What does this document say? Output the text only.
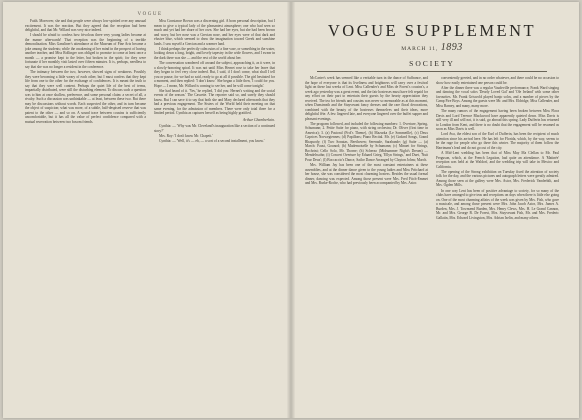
VOGUE

Faith. Moreover, she and that people were always low-spirited over any unusual excitement. It was the reaction. But they agreed that the reception had been delightful, and that Mr. Willard was very nice indeed.

I should be afraid to confess how frivolous three very young ladies became at the manse afterwards! That reception was the beginning of a terrible demoralization. Miss Gansliner's attendance at the Museum of Fine Arts became a joke among the students; while the awakening of her mind in the prospect of having another teacher, and Miss Rollinger was obliged to promise to come at least once a month — a promise kept to the letter, but broken in the spirit; for they were fortunate if her monthly visit lasted over fifteen minutes. It is, perhaps, needless to say that she was no longer a resident in the conference.

The intimacy between the two, however, showed signs of weakness. Possibly they were becoming a little weary of each other, but I must confess that they kept life from one to the other for the exchange of confidences. It is meant the truth to say that they were well content. Perhaps the quiet life of the best of terms, impartially distributed, were still the disturbing element. To discuss such a question was to him at once shallow, preference, and some personal claim: a secret of all, a rivalry. Such a discussion was unthinkable — at least, between these two. But there may be discussions without words. Each suspected the other, and in turn became the object of suspicion; what was more, of a subtle, half-despised reserve that was patent to the other — and so on. A sound trace between cousins is sufficiently uncomfortable, but it has all the value of perfect confidence compared with a mutual reservation between two bosom friends.

Miss Constance Brown was a discerning girl. A born personal description, but I mean to give a typical lady of the pleasantest atmosphere; one who had seen so much and yet had her share of her own. She had her eyes, but she had been brown and wavy, but her nose was a Grecian nose, and her eyes were of that dark and elusive blue, which seemed to draw the imagination toward Greek and sunshine lands. I saw myself a Grecian and a warmer land.

I think perhaps the perfectly calm ruins of a fine vase, or something in the water, looking down a long, bright, and lovely tapestry in the wide flowers, and I swear in the dark there was she — and the rest of the world about her.

The conversation wandered off around the subject, approaching it, as it were, in a slowly-honoring spiral. It was not until Miss Hernet rose to take her leave that they began to feel very close indeed. But, I said, if I don't come, what shall I tell you or pause, for we had so said, ready to go at all if possible. The girl hesitated for a moment, and then replied: 'I don't know.' She began a little then, 'I could for you. Hope — I mean, Mr. Willard is coming to see her, and he will come tonight.'

She had heard of it. 'Yes,' he replied, 'I did you: Hernet's writing and the social events of the season.' The Cassette. The reporter said so, and surely they should know. But I can save it to say that both she and Mary declared afterwards that they had a previous engagement. The Sisters of the World held their meeting on that same evening, for the admission of members. There were only total three for a limited period. Cynthia as captures herself as being highly gratified.

Arthur Chamberlain.

Cynthia: — 'Why was Mr. Cleveland's inauguration like a section of a continued story?'

Mrs. Roy: 'I don't know Mr. Chapett.'

Cynthia: — 'Well, it's — eh, — a sort of a second installment, you know.'

VOGUE SUPPLEMENT
MARCH 11, 1893
SOCIETY

McCarter's week has seemed like a veritable turn in the dance of Suffrance, and the hope of everyone is that its liveliness and brightness will carry over a festival light on these last weeks of Lent. Miss Callender's and Miss de Forest's cousins's, a week ago yesterday was a great event, and the fair hostesses must have felt repaid for any effort on their part to entertain their guests by the hearty appreciation they received. The tea for friends and cousins was never so memorable as at this moment, when Dunstreath and the Stuyvesant fancy dresses and the rare floral decorations, combined with the beauty of the hostesses themselves and their ideas, more delightful fête. A few lingered late, and everyone lingered over the buffet supper and pleasant evenings.

The program followed, and included the following numbers: 1. Overture, Spring, Schumann; 2. Petite Suite for piano, with string orchestra; Dr. Oliver (first time in America); 3. (a) Pastoral (Frol's Theme), (b) Mazurka (Le Sommeille), (c) Deux Caprices Norwegiennes; (d) Papillons; Piano Recital. Mr. (e) Godard Songs, Grand Rhapsody; (f) Two Sonatas, Beethoven; Serenade, Sarabande; (g) Suite — (a) March: Faust, Gounod; (b) Mademoiselle by Schumann; (c) Minuet for Strings, Bochrini; Cello Solo, Mr. Thorne; (h) Scherzo (Midsummer Night's Dream) — Mendelssohn; (i) Concert Overture by Eduard Grieg, 'Ellyn Strings,' and Duet, 'Nuit Pour Deux'; (l) Boccaccio's Dance, Sailor Dance Arranged by Clayton Johns; March.

Mrs. William Jay has been one of the most constant entertainers at these assemblies, and at the dinner dance given to the young ladies and Miss Pritchard at her house, she was considered the most charming hostess. Besides the usual formal dinner, dancing was expected. Among those present were Mrs. Fred Fitch-Emmet and Mrs. Burke-Roche, who had previously been accompanied by Mrs. Astor.

conveniently greeted, and in no order whatever, and there could be no occasion to show how easily entertained one person could be.

After the dinner there was a regular Vaudeville performance, Frank Ward singing and dancing the vocal solos 'Dearly Loved Gal' and 'Ole Ireland' with some other favourites. Mr. Frank Griswold played banjo solos, and a number of pieces by the Camp Fire Boys. Among the guests were Mr. and Mrs. Eldridge, Miss Callender, and Miss Barney, and many, many more.

The many rumors of the engagement having been broken between Miss Flora Davis and Lord Terence Blackwood have apparently quieted down. Miss Davis is still very ill and will not, it is said, go abroad this spring. Lady Dufferin has returned to London from Kent, and there is no doubt that the engagement will be resumed as soon as Miss Davis is well.

Lord Ava, the eldest son of the Earl of Dufferin, has been the recipient of much attention since his arrival here. He has left for Florida, which, by the way, seems to be the rage for people who go there this winter. The majority of them follow the Harrimans's lead and do not go out of the city.

A Mid-Lent wedding has been that of Miss May Ma Clellan to Mr. Paul Ferguson, which, at the French Legation, had quite an attendance. A 'Matinée' reception was held at the Waldorf, and the wedding trip will take in Mexico and California.

The opening of the Strong exhibition on Tuesday fixed the attention of society folk for the day, and the various pictures and autograph letters were greatly admired. Among those seen at the gallery were Mrs. Astor, Mrs. Frederick Vanderbilt, and Mrs. Ogden Mills.

In one way Lent has been of positive advantage to society, for so many of the clubs have arranged to give teas and receptions on days when there is little else going on. One of the most charming affairs of the week was given by Mrs. Fish, who gave a musicale, and among those present were Mrs. John Jacob Astor, Mrs. James A. Burden, Mrs. J. Townsend Burden, Mrs. Henry Clews, Mrs. H. Le Grand Cannon, Mr. and Mrs. George B. De Forest, Mrs. Stuyvesant Fish, Mr. and Mrs. Frederic Gallatin, Mrs. Edward Livingston, Mrs. Adrian Iselin, and many others.
